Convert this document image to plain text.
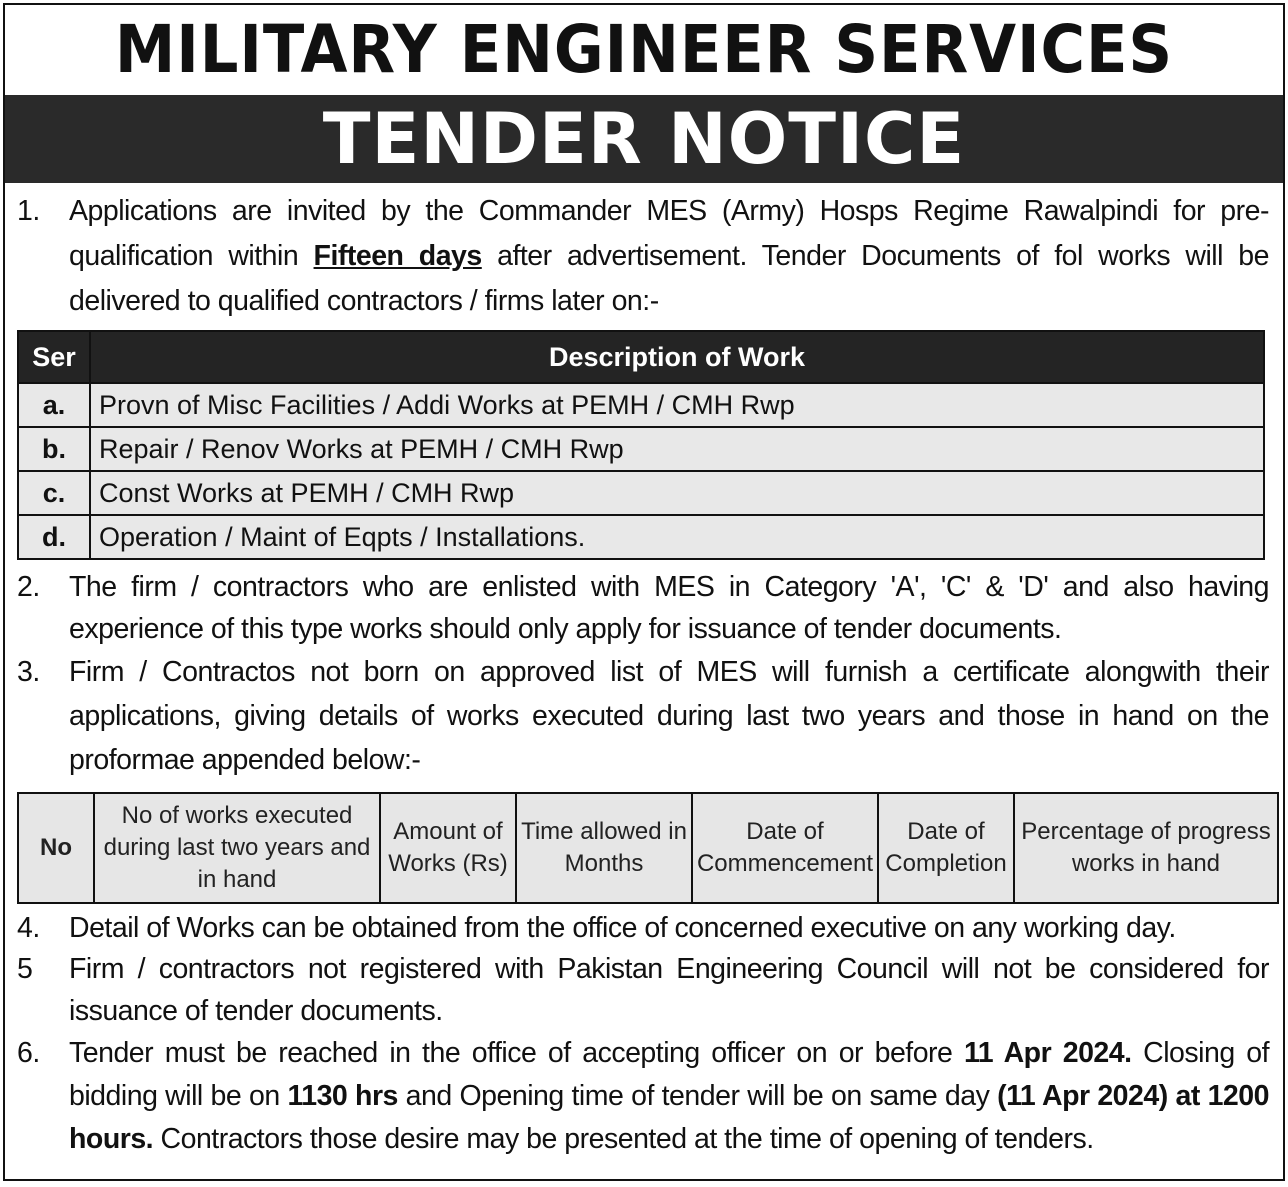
MILITARY ENGINEER SERVICES
TENDER NOTICE

1. Applications are invited by the Commander MES (Army) Hosps Regime Rawalpindi for pre-qualification within Fifteen days after advertisement. Tender Documents of fol works will be delivered to qualified contractors / firms later on:-

Ser	Description of Work
a.	Provn of Misc Facilities / Addi Works at PEMH / CMH Rwp
b.	Repair / Renov Works at PEMH / CMH Rwp
c.	Const Works at PEMH / CMH Rwp
d.	Operation / Maint of Eqpts / Installations.

2. The firm / contractors who are enlisted with MES in Category 'A', 'C' & 'D' and also having experience of this type works should only apply for issuance of tender documents.

3. Firm / Contractos not born on approved list of MES will furnish a certificate alongwith their applications, giving details of works executed during last two years and those in hand on the proformae appended below:-

No	No of works executed during last two years and in hand	Amount of Works (Rs)	Time allowed in Months	Date of Commencement	Date of Completion	Percentage of progress works in hand

4. Detail of Works can be obtained from the office of concerned executive on any working day.

5 Firm / contractors not registered with Pakistan Engineering Council will not be considered for issuance of tender documents.

6. Tender must be reached in the office of accepting officer on or before 11 Apr 2024. Closing of bidding will be on 1130 hrs and Opening time of tender will be on same day (11 Apr 2024) at 1200 hours. Contractors those desire may be presented at the time of opening of tenders.
